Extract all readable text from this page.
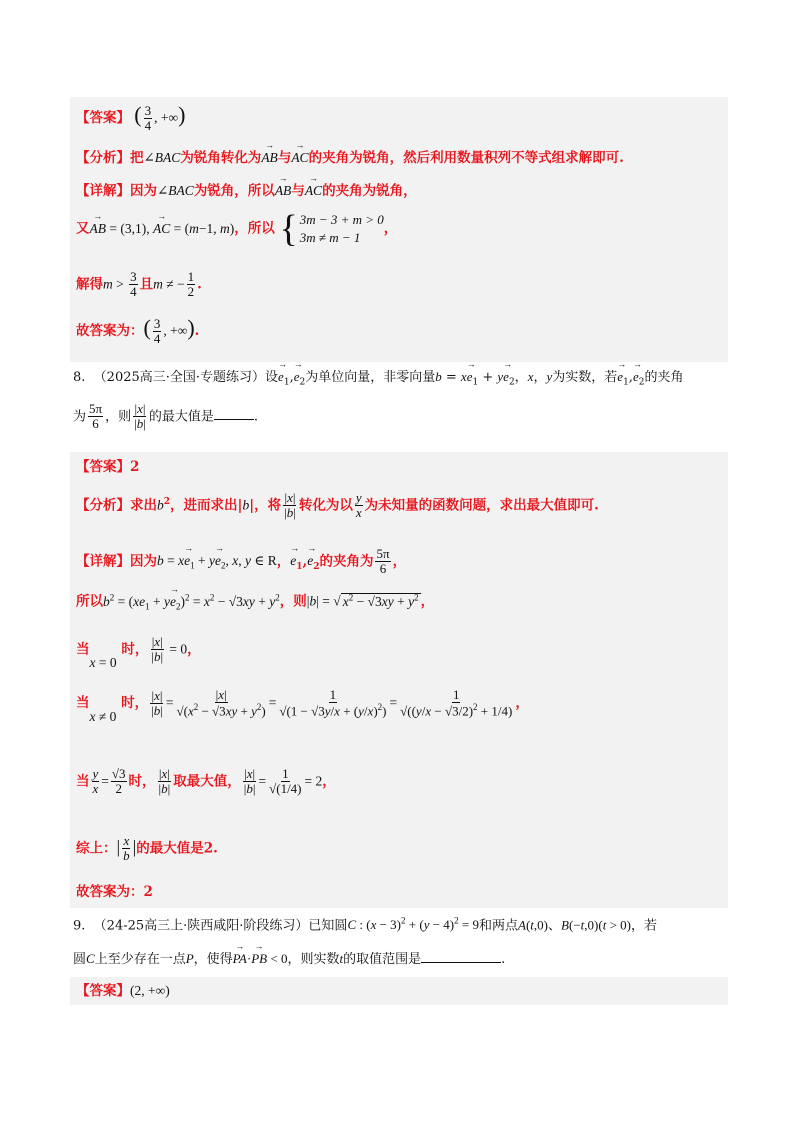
【答案】 ( $\frac{3}{4}$ , +∞)
【分析】把∠BAC为锐角转化为→ AB与→ AC的夹角为锐角，然后利用数量积列不等式组求解即可.
【详解】因为∠BAC为锐角，所以→ AB与→ AC的夹角为锐角，
又→ AB = (3,1), → AC = (m−1, m)，所以 { 3m − 3 + m > 0
3m ≠ m − 1
，
解得$m > \frac{3}{4}$ 且m ≠ − $\frac{1}{2}$ .
故答案为：( $\frac{3}{4}$ , +∞).
8. （2025高三·全国·专题练习）设→ $e_1,\to e_2$为单位向量，非零向量$b = x\to e_1 + y\to e_2$，x，y为实数，若→ $e_1,\to e_2$的夹角
为 $\frac{5\pi}{6}$ ，则 $\frac{|x|}{|b|}$ 的最大值是	.
【答案】2
【分析】求出$b^2$，进而求出|b|，将 $\frac{|x|}{|b|}$ 转化为以 $\frac{y}{x}$ 为未知量的函数问题，求出最大值即可.
【详解】因为$b = x\to e_1 + y\to e_2$, x, y ∈ R，→ $e_1,\to e_2$的夹角为 $\frac{5\pi}{6}$ ，
所以$b^2 = (xe_1 + y\to e_2)^2 = x^2 - √3xy + y^2$，则|b| = √ $x^2 - √3xy + y^2$ ，
当x = 0 时， $\frac{|x|}{|b|} = 0$，
当x ≠ 0 时， $\frac{|x|}{|b|} = \frac{|x|}{√(x^2 - √3xy + y^2)} = \frac{1}{√(1 - √3y/x + (y/x)^2)} = \frac{1}{√((y/x - √3/2)^2 + 1/4)}$ ，
当 $\frac{y}{x} = \frac{√3}{2}$ 时， $\frac{|x|}{|b|}$ 取最大值， $\frac{|x|}{|b|} = \frac{1}{√(1/4)} = 2$，
综上：| $\frac{x}{b}$ |的最大值是2.
故答案为：2
9. （24-25高三上·陕西咸阳·阶段练习）已知圆C : $(x - 3)^2 + (y - 4)^2 = 9$和两点A(t,0)、B(−t,0)(t > 0)，若
圆C上至少存在一点P，使得→ PA·→ PB < 0，则实数t的取值范围是	.
【答案】(2, +∞)
